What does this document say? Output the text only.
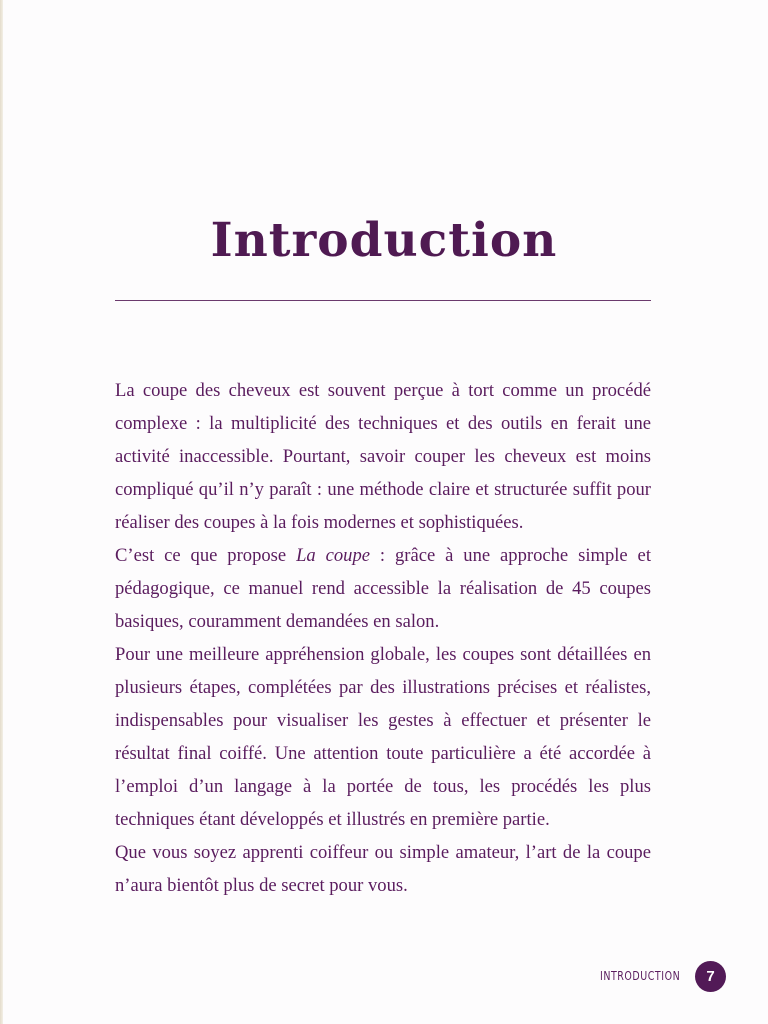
Introduction

La coupe des cheveux est souvent perçue à tort comme un procédé complexe : la multiplicité des techniques et des outils en ferait une activité inaccessible. Pourtant, savoir couper les cheveux est moins compliqué qu’il n’y paraît : une méthode claire et structurée suffit pour réaliser des coupes à la fois modernes et sophistiquées.

C’est ce que propose La coupe : grâce à une approche simple et pédagogique, ce manuel rend accessible la réalisation de 45 coupes basiques, couramment demandées en salon.

Pour une meilleure appréhension globale, les coupes sont détaillées en plusieurs étapes, complétées par des illustrations précises et réalistes, indispensables pour visualiser les gestes à effectuer et présenter le résultat final coiffé. Une attention toute particulière a été accordée à l’emploi d’un langage à la portée de tous, les procédés les plus techniques étant développés et illustrés en première partie.

Que vous soyez apprenti coiffeur ou simple amateur, l’art de la coupe n’aura bientôt plus de secret pour vous.

INTRODUCTION 7
